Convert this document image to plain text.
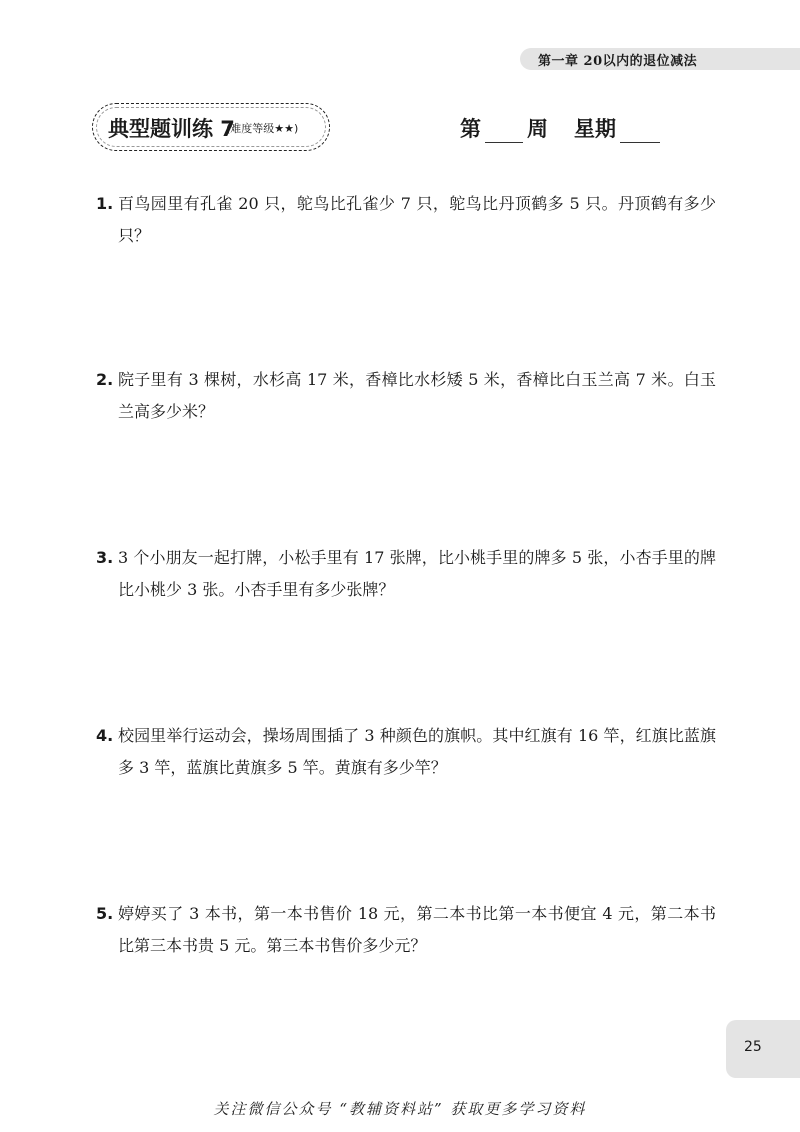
第一章 20以内的退位减法
典型题训练 7
(难度等级★★)	第 周 星期
1. 百鸟园里有孔雀 20 只，鸵鸟比孔雀少 7 只，鸵鸟比丹顶鹤多 5 只。丹顶鹤有多少只？
2. 院子里有 3 棵树，水杉高 17 米，香樟比水杉矮 5 米，香樟比白玉兰高 7 米。白玉兰高多少米？
3. 3 个小朋友一起打牌，小松手里有 17 张牌，比小桃手里的牌多 5 张，小杏手里的牌比小桃少 3 张。小杏手里有多少张牌？
4. 校园里举行运动会，操场周围插了 3 种颜色的旗帜。其中红旗有 16 竿，红旗比蓝旗多 3 竿，蓝旗比黄旗多 5 竿。黄旗有多少竿？
5. 婷婷买了 3 本书，第一本书售价 18 元，第二本书比第一本书便宜 4 元，第二本书比第三本书贵 5 元。第三本书售价多少元？
25
关注微信公众号 “教辅资料站” 获取更多学习资料
